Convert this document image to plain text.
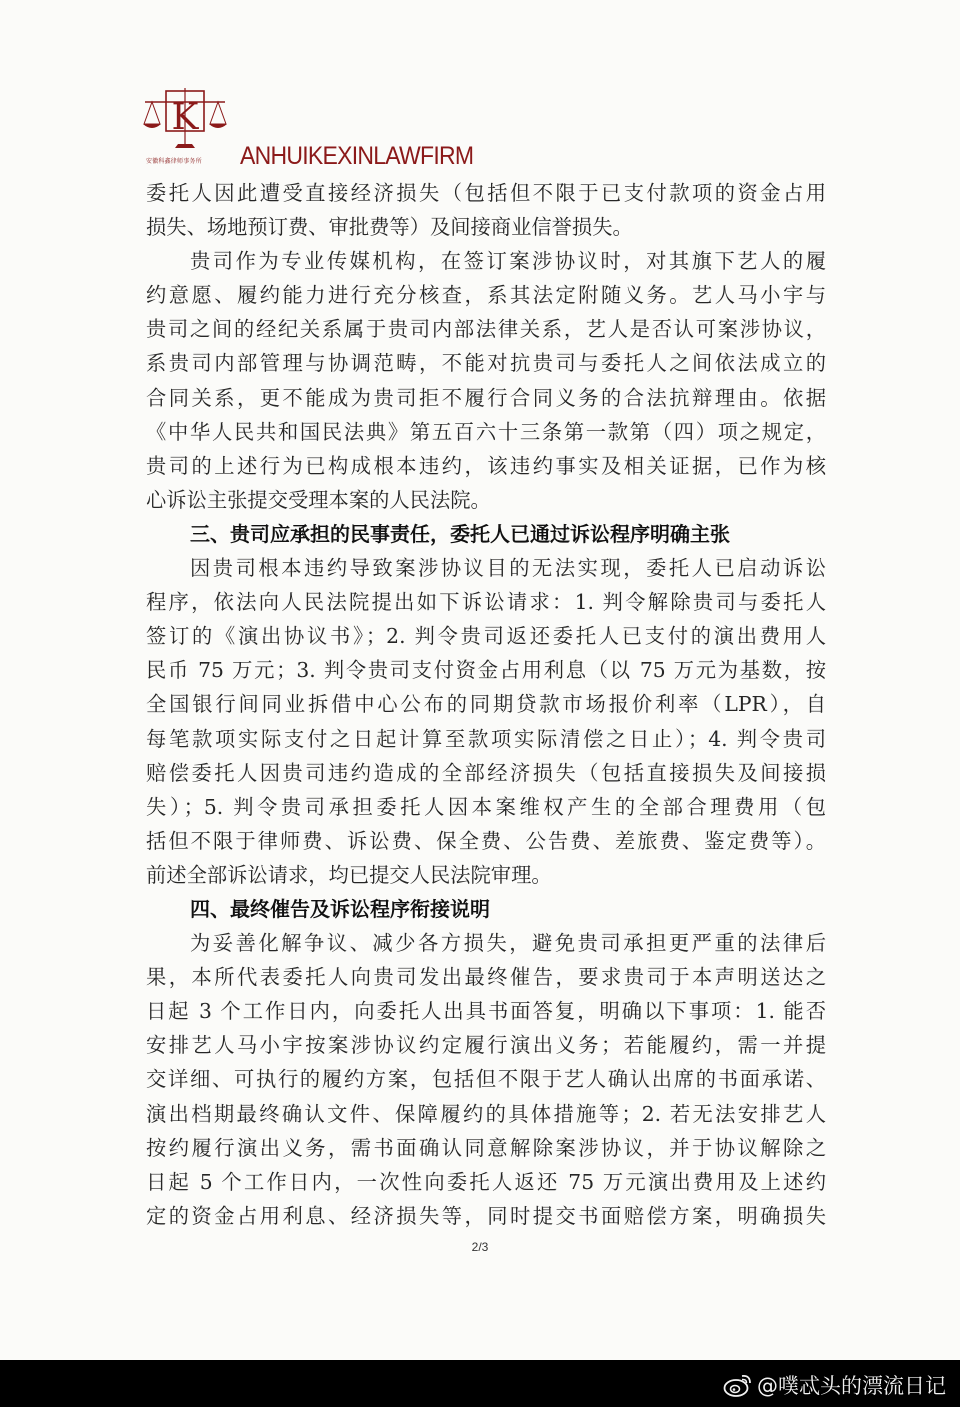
K
安徽科鑫律师事务所	ANHUIKEXINLAWFIRM
委托人因此遭受直接经济损失（包括但不限于已支付款项的资金占用
损失、场地预订费、审批费等）及间接商业信誉损失。
贵司作为专业传媒机构，在签订案涉协议时，对其旗下艺人的履
约意愿、履约能力进行充分核查，系其法定附随义务。艺人马小宇与
贵司之间的经纪关系属于贵司内部法律关系，艺人是否认可案涉协议，
系贵司内部管理与协调范畴，不能对抗贵司与委托人之间依法成立的
合同关系，更不能成为贵司拒不履行合同义务的合法抗辩理由。依据
《中华人民共和国民法典》第五百六十三条第一款第（四）项之规定，
贵司的上述行为已构成根本违约，该违约事实及相关证据，已作为核
心诉讼主张提交受理本案的人民法院。
三、贵司应承担的民事责任，委托人已通过诉讼程序明确主张
因贵司根本违约导致案涉协议目的无法实现，委托人已启动诉讼
程序，依法向人民法院提出如下诉讼请求：1. 判令解除贵司与委托人
签订的《演出协议书》；2. 判令贵司返还委托人已支付的演出费用人
民币 75 万元；3. 判令贵司支付资金占用利息（以 75 万元为基数，按
全国银行间同业拆借中心公布的同期贷款市场报价利率（LPR），自
每笔款项实际支付之日起计算至款项实际清偿之日止）；4. 判令贵司
赔偿委托人因贵司违约造成的全部经济损失（包括直接损失及间接损
失）；5. 判令贵司承担委托人因本案维权产生的全部合理费用（包
括但不限于律师费、诉讼费、保全费、公告费、差旅费、鉴定费等）。
前述全部诉讼请求，均已提交人民法院审理。
四、最终催告及诉讼程序衔接说明
为妥善化解争议、减少各方损失，避免贵司承担更严重的法律后
果，本所代表委托人向贵司发出最终催告，要求贵司于本声明送达之
日起 3 个工作日内，向委托人出具书面答复，明确以下事项：1. 能否
安排艺人马小宇按案涉协议约定履行演出义务；若能履约，需一并提
交详细、可执行的履约方案，包括但不限于艺人确认出席的书面承诺、
演出档期最终确认文件、保障履约的具体措施等；2. 若无法安排艺人
按约履行演出义务，需书面确认同意解除案涉协议，并于协议解除之
日起 5 个工作日内，一次性向委托人返还 75 万元演出费用及上述约
定的资金占用利息、经济损失等，同时提交书面赔偿方案，明确损失
2/3
@噗忒头的漂流日记
